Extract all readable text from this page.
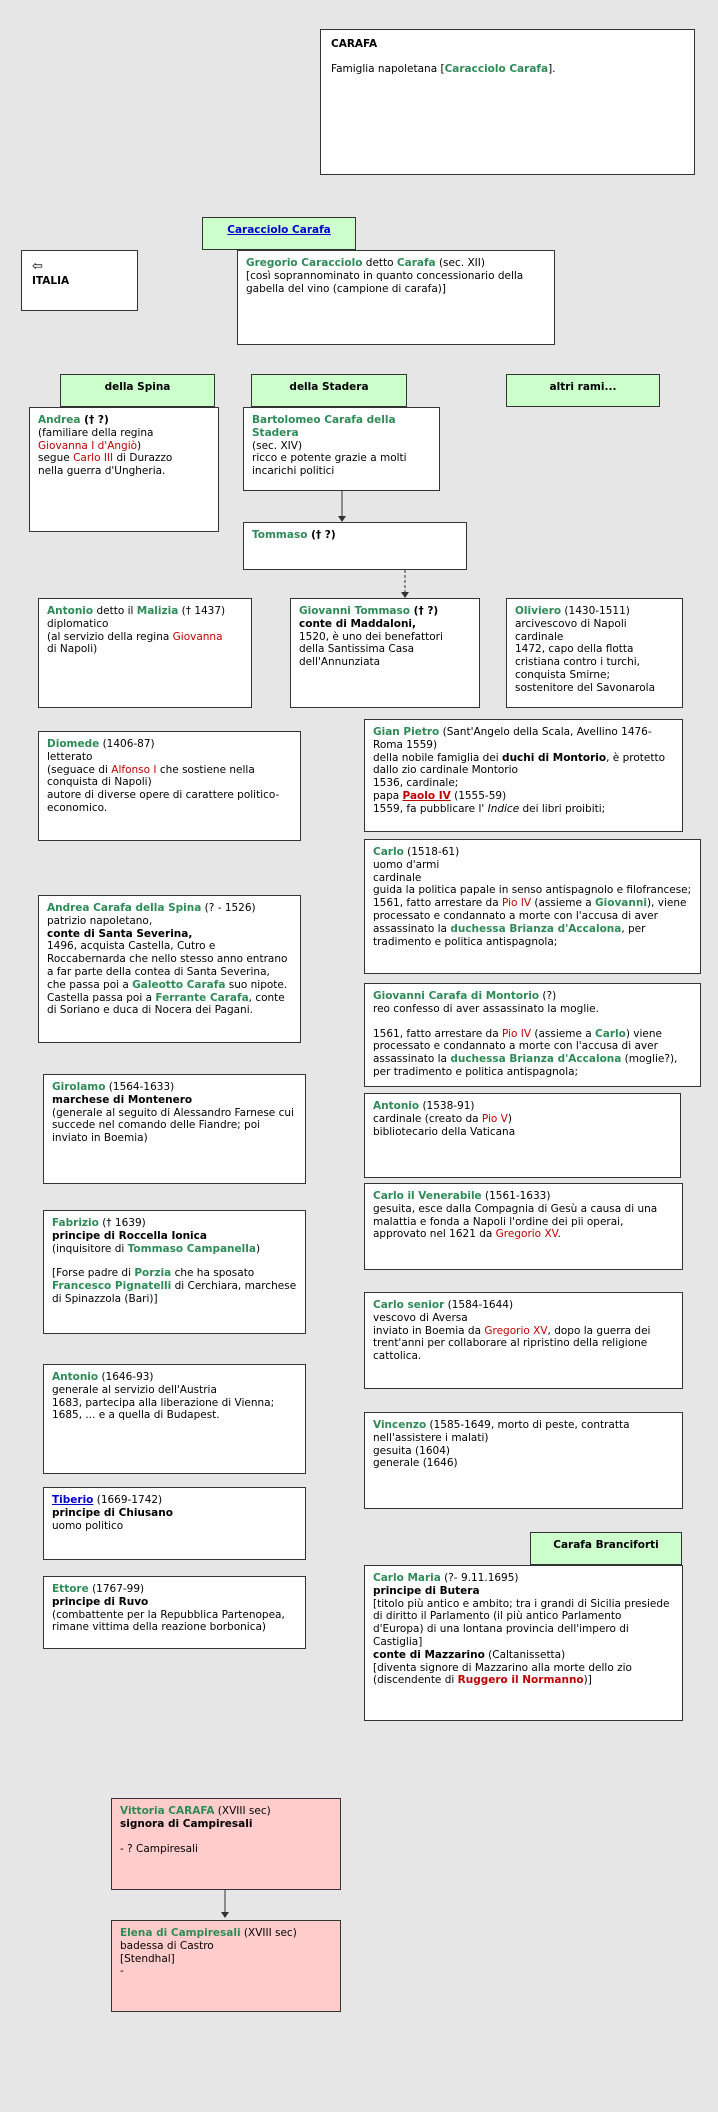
CARAFA
Famiglia napoletana [Caracciolo Carafa].
Caracciolo Carafa
⇦
ITALIA
Gregorio Caracciolo detto Carafa (sec. XII)
[così soprannominato in quanto concessionario della gabella del vino (campione di carafa)]
della Spina	della Stadera	altri rami...
Andrea († ?)
(familiare della regina
Giovanna I d'Angiò)
segue Carlo III di Durazzo
nella guerra d'Ungheria.
Bartolomeo Carafa della Stadera
(sec. XIV)
ricco e potente grazie a molti incarichi politici
Tommaso († ?)
Antonio detto il Malizia († 1437)
diplomatico
(al servizio della regina Giovanna
di Napoli)
Giovanni Tommaso († ?)
conte di Maddaloni,
1520, è uno dei benefattori della Santissima Casa dell'Annunziata
Oliviero (1430-1511)
arcivescovo di Napoli
cardinale
1472, capo della flotta cristiana contro i turchi, conquista Smirne;
sostenitore del Savonarola
Diomede (1406-87)
letterato
(seguace di Alfonso I che sostiene nella conquista di Napoli)
autore di diverse opere di carattere politico-economico.
Gian Pietro (Sant'Angelo della Scala, Avellino 1476-Roma 1559)
della nobile famiglia dei duchi di Montorio, è protetto dallo zio cardinale Montorio
1536, cardinale;
papa Paolo IV (1555-59)
1559, fa pubblicare l' Indice dei libri proibiti;
Carlo (1518-61)
uomo d'armi
cardinale
guida la politica papale in senso antispagnolo e filofrancese;
1561, fatto arrestare da Pio IV (assieme a Giovanni), viene processato e condannato a morte con l'accusa di aver assassinato la duchessa Brianza d'Accalona, per tradimento e politica antispagnola;
Andrea Carafa della Spina (? - 1526)
patrizio napoletano,
conte di Santa Severina,
1496, acquista Castella, Cutro e Roccabernarda che nello stesso anno entrano a far parte della contea di Santa Severina, che passa poi a Galeotto Carafa suo nipote.
Castella passa poi a Ferrante Carafa, conte di Soriano e duca di Nocera dei Pagani.
Giovanni Carafa di Montorio (?)
reo confesso di aver assassinato la moglie.
1561, fatto arrestare da Pio IV (assieme a Carlo) viene processato e condannato a morte con l'accusa di aver assassinato la duchessa Brianza d'Accalona (moglie?), per tradimento e politica antispagnola;
Girolamo (1564-1633)
marchese di Montenero
(generale al seguito di Alessandro Farnese cui succede nel comando delle Fiandre; poi inviato in Boemia)
Antonio (1538-91)
cardinale (creato da Pio V)
bibliotecario della Vaticana
Fabrizio († 1639)
principe di Roccella Ionica
(inquisitore di Tommaso Campanella)
[Forse padre di Porzia che ha sposato Francesco Pignatelli di Cerchiara, marchese di Spinazzola (Bari)]
Carlo il Venerabile (1561-1633)
gesuita, esce dalla Compagnia di Gesù a causa di una malattia e fonda a Napoli l'ordine dei pii operai, approvato nel 1621 da Gregorio XV.
Carlo senior (1584-1644)
vescovo di Aversa
inviato in Boemia da Gregorio XV, dopo la guerra dei trent'anni per collaborare al ripristino della religione cattolica.
Antonio (1646-93)
generale al servizio dell'Austria
1683, partecipa alla liberazione di Vienna;
1685, ... e a quella di Budapest.
Vincenzo (1585-1649, morto di peste, contratta nell'assistere i malati)
gesuita (1604)
generale (1646)
Tiberio (1669-1742)
principe di Chiusano
uomo politico
Carafa Branciforti
Carlo Maria (?- 9.11.1695)
principe di Butera
[titolo più antico e ambito; tra i grandi di Sicilia presiede di diritto il Parlamento (il più antico Parlamento d'Europa) di una lontana provincia dell'impero di Castiglia]
conte di Mazzarino (Caltanissetta)
[diventa signore di Mazzarino alla morte dello zio (discendente di Ruggero il Normanno)]
Ettore (1767-99)
principe di Ruvo
(combattente per la Repubblica Partenopea, rimane vittima della reazione borbonica)
Vittoria CARAFA (XVIII sec)
signora di Campiresali
- ? Campiresali
Elena di Campiresali (XVIII sec)
badessa di Castro
[Stendhal]
-
